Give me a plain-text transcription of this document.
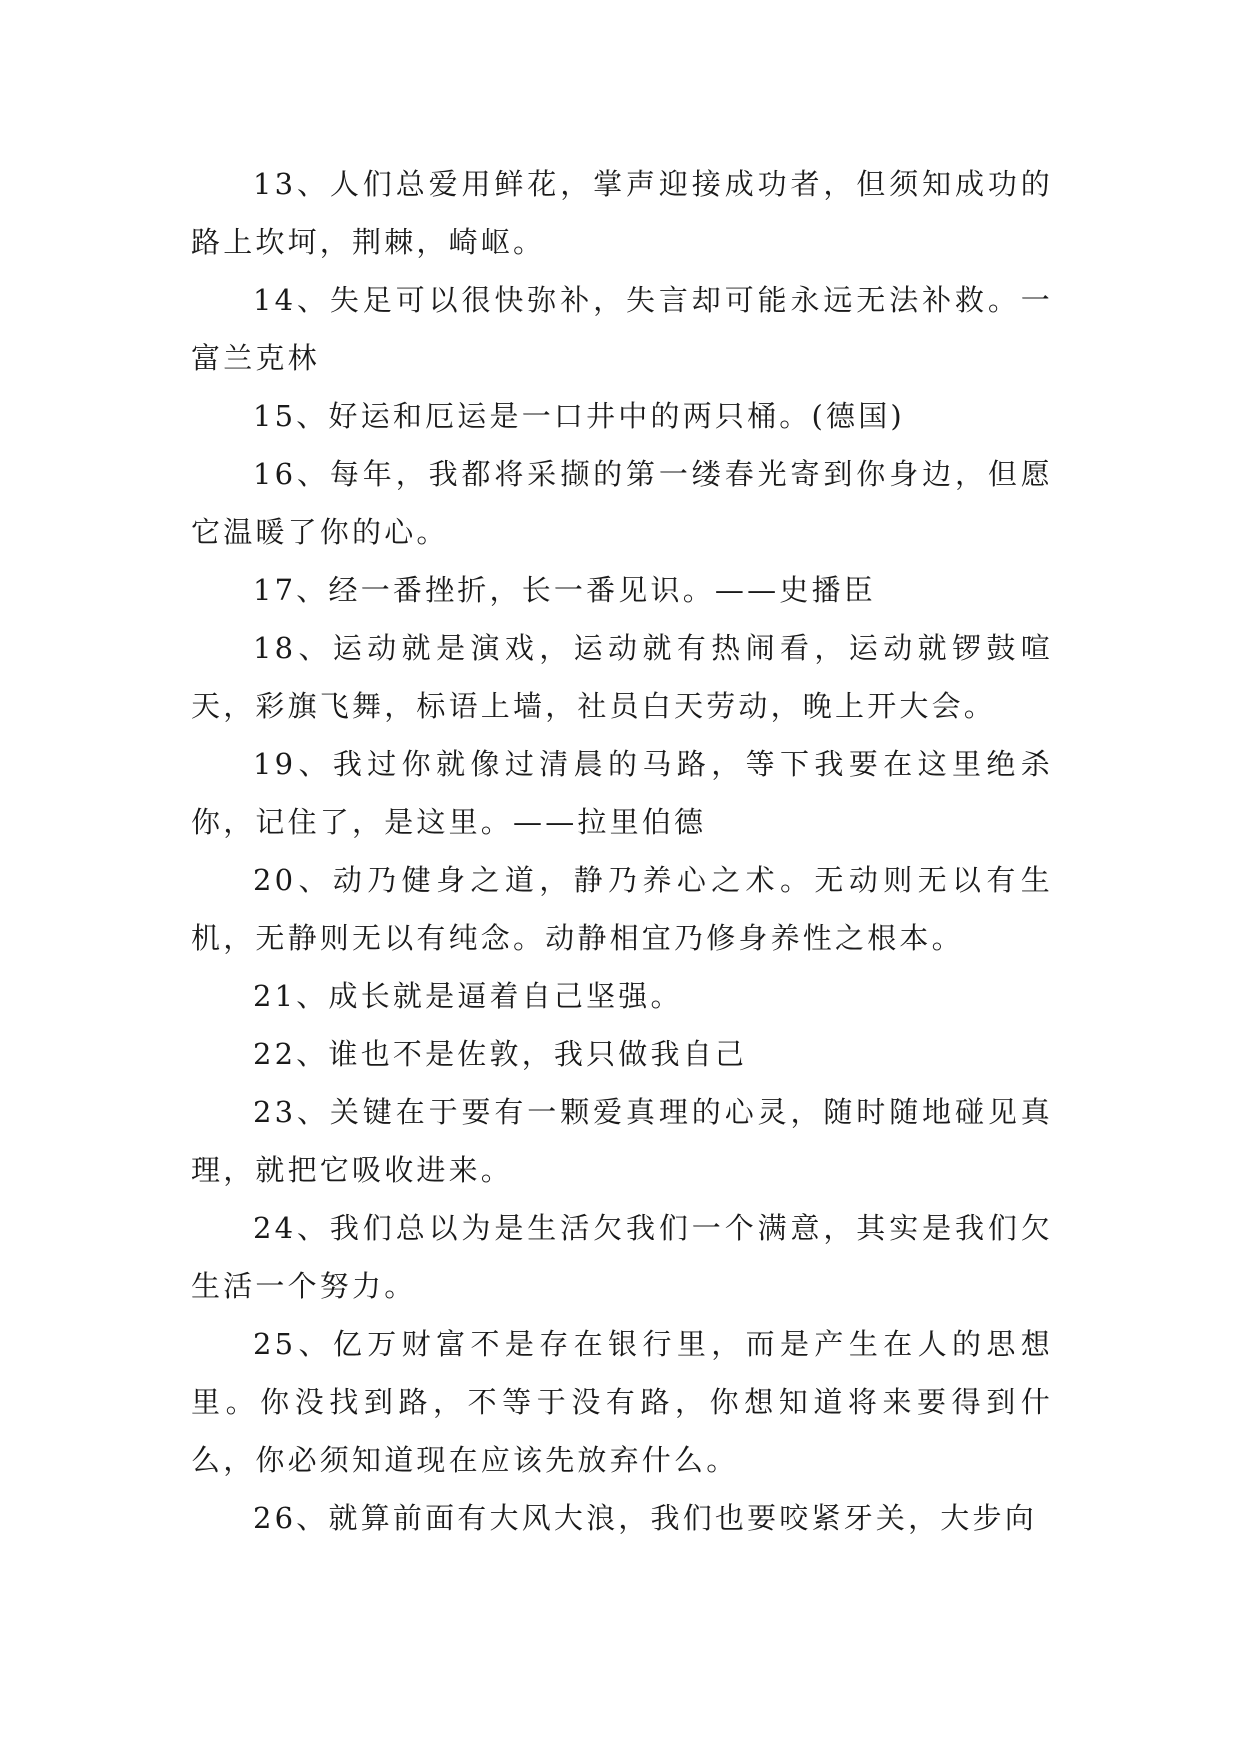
13、人们总爱用鲜花，掌声迎接成功者，但须知成功的路上坎坷，荆棘，崎岖。

14、失足可以很快弥补，失言却可能永远无法补救。一富兰克林

15、好运和厄运是一口井中的两只桶。(德国)

16、每年，我都将采撷的第一缕春光寄到你身边，但愿它温暖了你的心。

17、经一番挫折，长一番见识。——史播臣

18、运动就是演戏，运动就有热闹看，运动就锣鼓喧天，彩旗飞舞，标语上墙，社员白天劳动，晚上开大会。

19、我过你就像过清晨的马路，等下我要在这里绝杀你，记住了，是这里。——拉里伯德

20、动乃健身之道，静乃养心之术。无动则无以有生机，无静则无以有纯念。动静相宜乃修身养性之根本。

21、成长就是逼着自己坚强。

22、谁也不是佐敦，我只做我自己

23、关键在于要有一颗爱真理的心灵，随时随地碰见真理，就把它吸收进来。

24、我们总以为是生活欠我们一个满意，其实是我们欠生活一个努力。

25、亿万财富不是存在银行里，而是产生在人的思想里。你没找到路，不等于没有路，你想知道将来要得到什么，你必须知道现在应该先放弃什么。

26、就算前面有大风大浪，我们也要咬紧牙关，大步向
